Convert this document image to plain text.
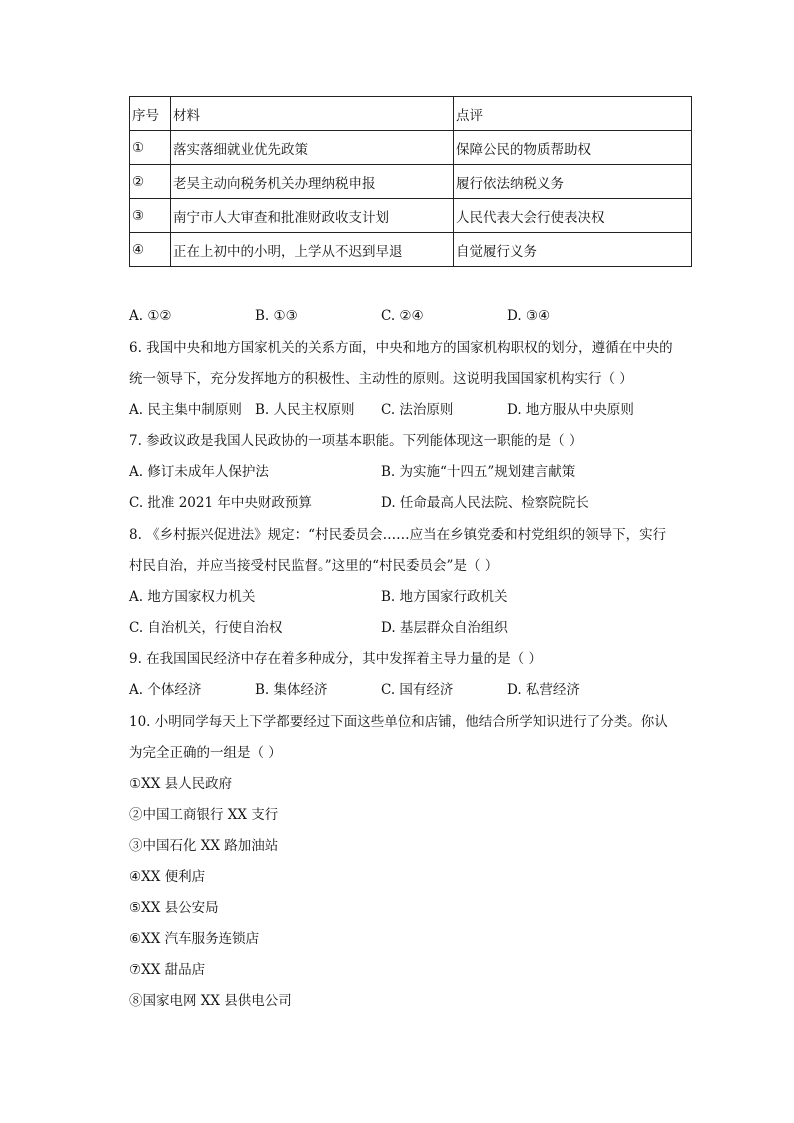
序号	材料	点评
①	落实落细就业优先政策	保障公民的物质帮助权
②	老吴主动向税务机关办理纳税申报	履行依法纳税义务
③	南宁市人大审查和批准财政收支计划	人民代表大会行使表决权
④	正在上初中的小明，上学从不迟到早退	自觉履行义务
A. ①②	B. ①③	C. ②④	D. ③④
6. 我国中央和地方国家机关的关系方面，中央和地方的国家机构职权的划分，遵循在中央的
统一领导下，充分发挥地方的积极性、主动性的原则。这说明我国国家机构实行（ ）
A. 民主集中制原则 B. 人民主权原则 C. 法治原则	D. 地方服从中央原则
7. 参政议政是我国人民政协的一项基本职能。下列能体现这一职能的是（ ）
A. 修订未成年人保护法	B. 为实施“十四五”规划建言献策
C. 批准 2021 年中央财政预算	D. 任命最高人民法院、检察院院长
8. 《乡村振兴促进法》规定：“村民委员会……应当在乡镇党委和村党组织的领导下，实行
村民自治，并应当接受村民监督。”这里的“村民委员会”是（ ）
A. 地方国家权力机关	B. 地方国家行政机关
C. 自治机关，行使自治权	D. 基层群众自治组织
9. 在我国国民经济中存在着多种成分，其中发挥着主导力量的是（ ）
A. 个体经济	B. 集体经济	C. 国有经济	D. 私营经济
10. 小明同学每天上下学都要经过下面这些单位和店铺，他结合所学知识进行了分类。你认
为完全正确的一组是（ ）
①XX 县人民政府
②中国工商银行 XX 支行
③中国石化 XX 路加油站
④XX 便利店
⑤XX 县公安局
⑥XX 汽车服务连锁店
⑦XX 甜品店
⑧国家电网 XX 县供电公司
